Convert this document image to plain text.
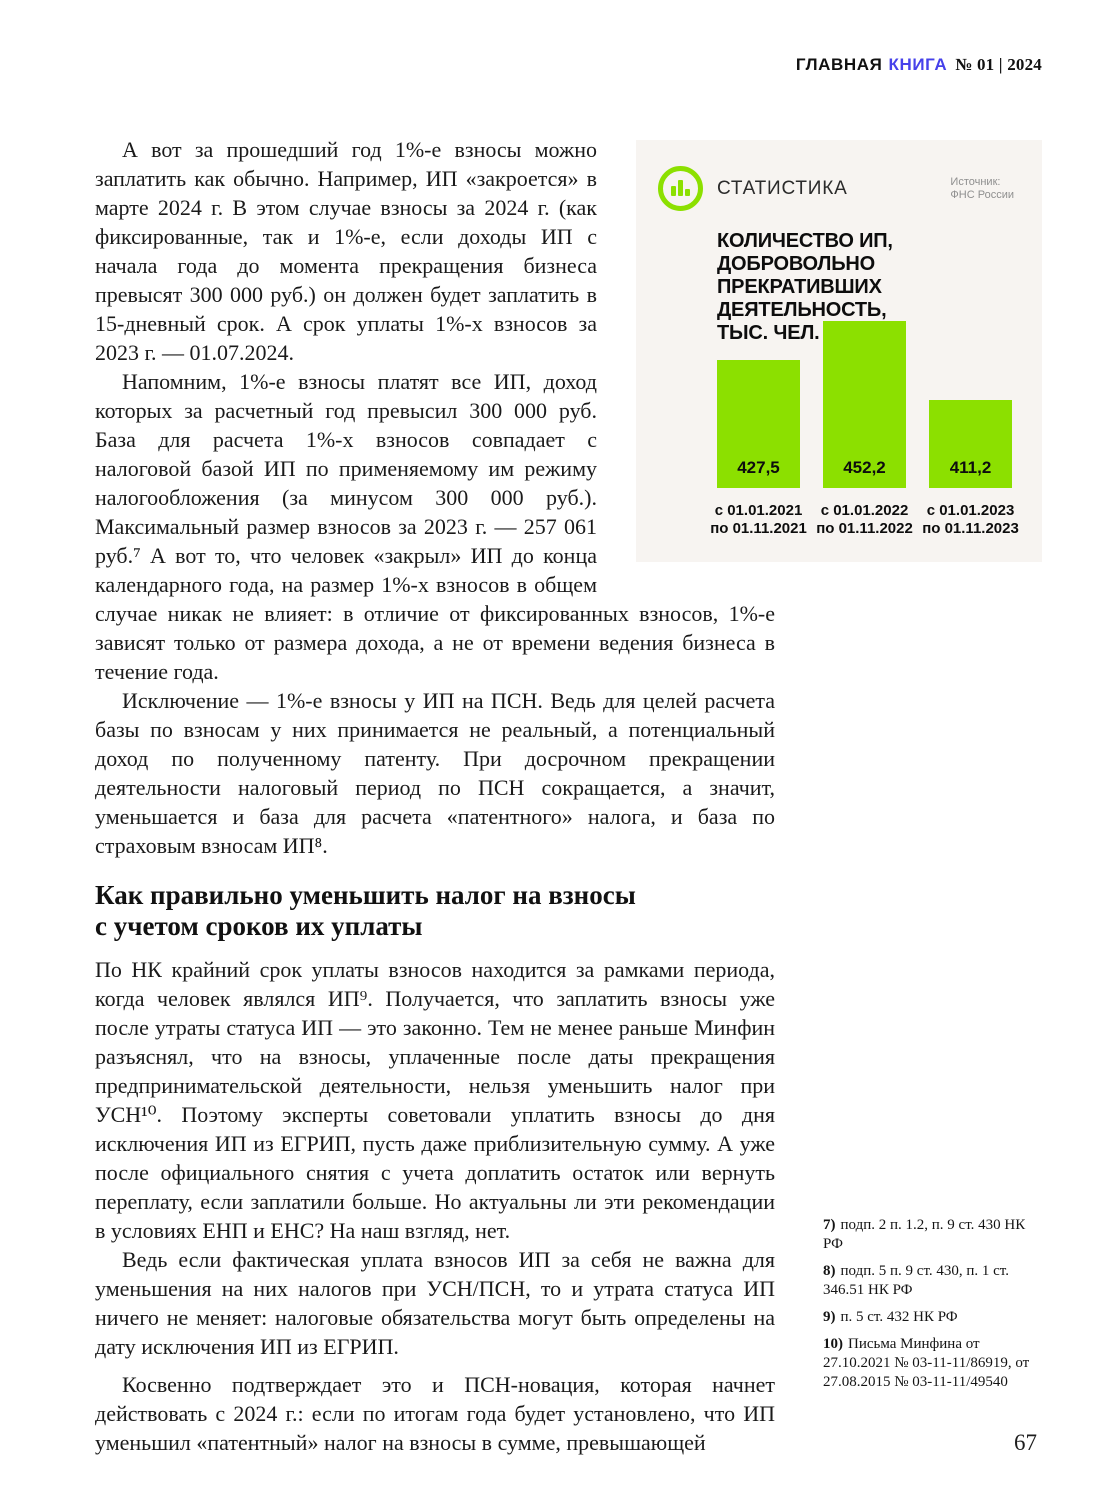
ГЛАВНАЯ КНИГА № 01 | 2024

А вот за прошедший год 1%-е взносы можно заплатить как обычно. Например, ИП «закроется» в марте 2024 г. В этом случае взносы за 2024 г. (как фиксированные, так и 1%-е, если доходы ИП с начала года до момента прекращения бизнеса превысят 300 000 руб.) он должен будет заплатить в 15-дневный срок. А срок уплаты 1%-х взносов за 2023 г. — 01.07.2024.

Напомним, 1%-е взносы платят все ИП, доход которых за расчетный год превысил 300 000 руб. База для расчета 1%-х взносов совпадает с налоговой базой ИП по применяемому им режиму налогообложения (за минусом 300 000 руб.). Максимальный размер взносов за 2023 г. — 257 061 руб.⁷ А вот то, что человек «закрыл» ИП до конца календарного года, на размер 1%-х взносов в общем случае никак не влияет: в отличие от фиксированных взносов, 1%-е зависят только от размера дохода, а не от времени ведения бизнеса в течение года.

Исключение — 1%-е взносы у ИП на ПСН. Ведь для целей расчета базы по взносам у них принимается не реальный, а потенциальный доход по полученному патенту. При досрочном прекращении деятельности налоговый период по ПСН сокращается, а значит, уменьшается и база для расчета «патентного» налога, и база по страховым взносам ИП⁸.

Как правильно уменьшить налог на взносы
с учетом сроков их уплаты

По НК крайний срок уплаты взносов находится за рамками периода, когда человек являлся ИП⁹. Получается, что заплатить взносы уже после утраты статуса ИП — это законно. Тем не менее раньше Минфин разъяснял, что на взносы, уплаченные после даты прекращения предпринимательской деятельности, нельзя уменьшить налог при УСН¹⁰. Поэтому эксперты советовали уплатить взносы до дня исключения ИП из ЕГРИП, пусть даже приблизительную сумму. А уже после официального снятия с учета доплатить остаток или вернуть переплату, если заплатили больше. Но актуальны ли эти рекомендации в условиях ЕНП и ЕНС? На наш взгляд, нет.

Ведь если фактическая уплата взносов ИП за себя не важна для уменьшения на них налогов при УСН/ПСН, то и утрата статуса ИП ничего не меняет: налоговые обязательства могут быть определены на дату исключения ИП из ЕГРИП.

Косвенно подтверждает это и ПСН-новация, которая начнет действовать с 2024 г.: если по итогам года будет установлено, что ИП уменьшил «патентный» налог на взносы в сумме, превышающей

СТАТИСТИКА	Источник:
ФНС России
КОЛИЧЕСТВО ИП, ДОБРОВОЛЬНО
ПРЕКРАТИВШИХ ДЕЯТЕЛЬНОСТЬ,
ТЫС. ЧЕЛ.
427,5
с 01.01.2021
по 01.11.2021
452,2
с 01.01.2022
по 01.11.2022
411,2
с 01.01.2023
по 01.11.2023
7) подп. 2 п. 1.2, п. 9 ст. 430 НК РФ
8) подп. 5 п. 9 ст. 430, п. 1 ст. 346.51 НК РФ
9) п. 5 ст. 432 НК РФ
10) Письма Минфина от 27.10.2021 № 03-11-11/86919, от 27.08.2015 № 03-11-11/49540
67
